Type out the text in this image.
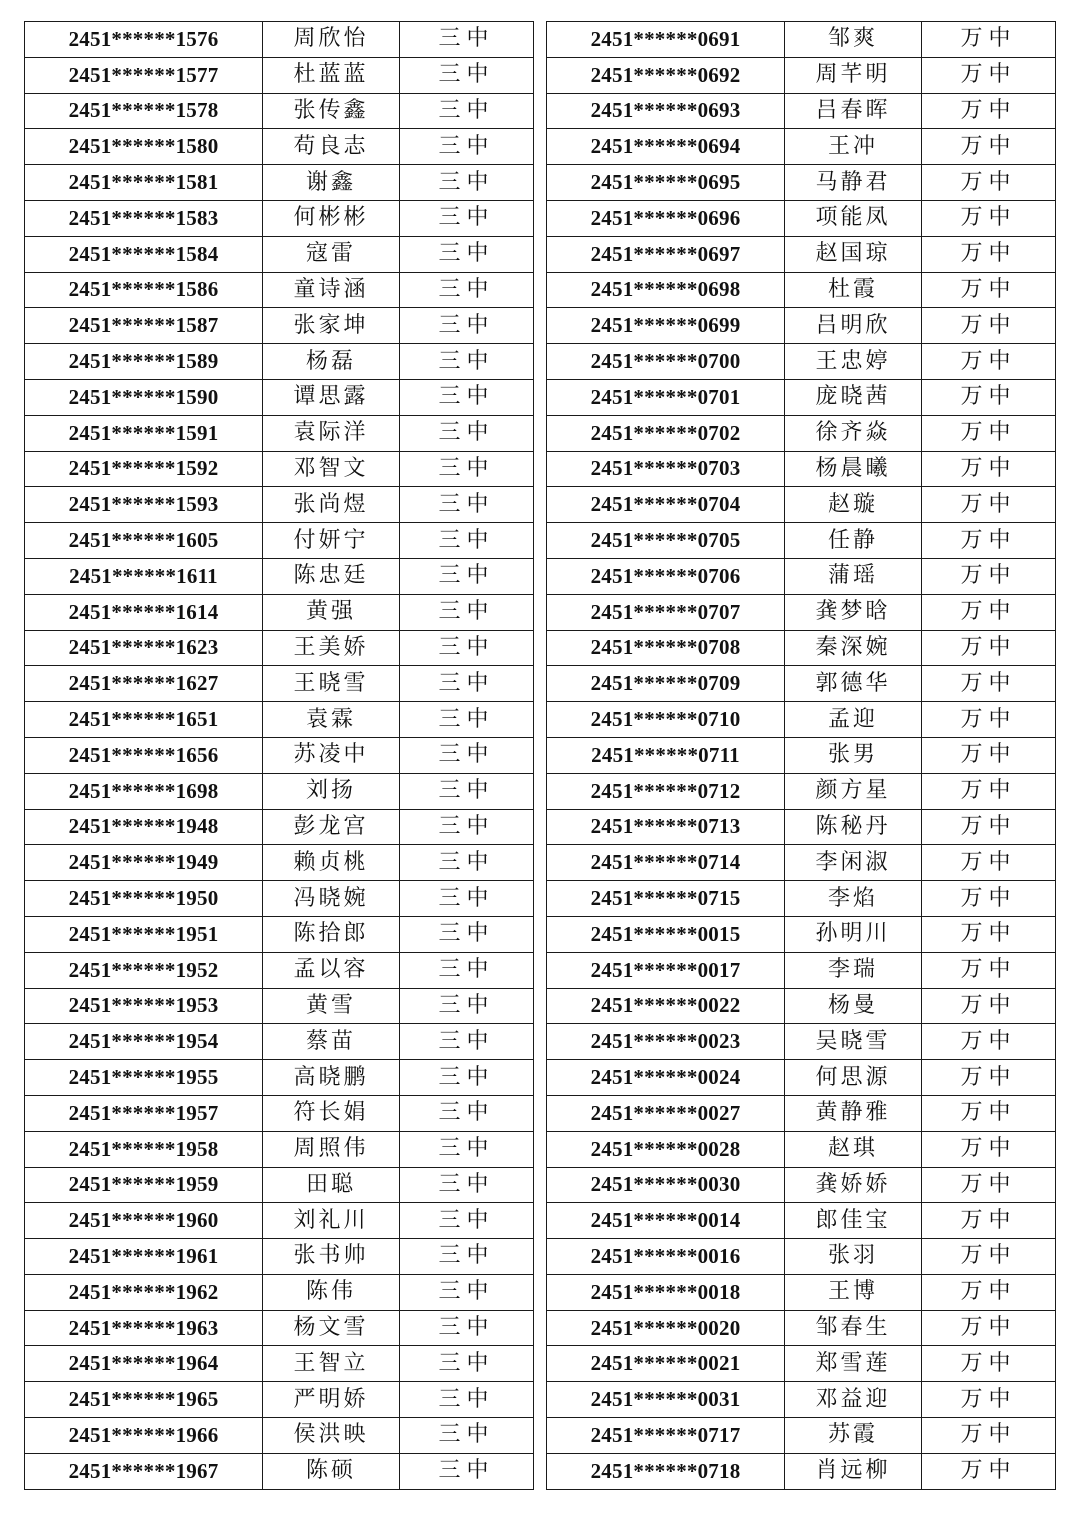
2451******1576	周欣怡	三中
2451******1577	杜蓝蓝	三中
2451******1578	张传鑫	三中
2451******1580	苟良志	三中
2451******1581	谢鑫	三中
2451******1583	何彬彬	三中
2451******1584	寇雷	三中
2451******1586	童诗涵	三中
2451******1587	张家坤	三中
2451******1589	杨磊	三中
2451******1590	谭思露	三中
2451******1591	袁际洋	三中
2451******1592	邓智文	三中
2451******1593	张尚煜	三中
2451******1605	付妍宁	三中
2451******1611	陈忠廷	三中
2451******1614	黄强	三中
2451******1623	王美娇	三中
2451******1627	王晓雪	三中
2451******1651	袁霖	三中
2451******1656	苏凌中	三中
2451******1698	刘扬	三中
2451******1948	彭龙宫	三中
2451******1949	赖贞桃	三中
2451******1950	冯晓婉	三中
2451******1951	陈拾郎	三中
2451******1952	孟以容	三中
2451******1953	黄雪	三中
2451******1954	蔡苗	三中
2451******1955	高晓鹏	三中
2451******1957	符长娟	三中
2451******1958	周照伟	三中
2451******1959	田聪	三中
2451******1960	刘礼川	三中
2451******1961	张书帅	三中
2451******1962	陈伟	三中
2451******1963	杨文雪	三中
2451******1964	王智立	三中
2451******1965	严明娇	三中
2451******1966	侯洪映	三中
2451******1967	陈硕	三中
2451******0691	邹爽	万中
2451******0692	周芊明	万中
2451******0693	吕春晖	万中
2451******0694	王冲	万中
2451******0695	马静君	万中
2451******0696	项能凤	万中
2451******0697	赵国琼	万中
2451******0698	杜霞	万中
2451******0699	吕明欣	万中
2451******0700	王忠婷	万中
2451******0701	庞晓茜	万中
2451******0702	徐齐焱	万中
2451******0703	杨晨曦	万中
2451******0704	赵璇	万中
2451******0705	任静	万中
2451******0706	蒲瑶	万中
2451******0707	龚梦晗	万中
2451******0708	秦深婉	万中
2451******0709	郭德华	万中
2451******0710	孟迎	万中
2451******0711	张男	万中
2451******0712	颜方星	万中
2451******0713	陈秘丹	万中
2451******0714	李闲淑	万中
2451******0715	李焰	万中
2451******0015	孙明川	万中
2451******0017	李瑞	万中
2451******0022	杨曼	万中
2451******0023	吴晓雪	万中
2451******0024	何思源	万中
2451******0027	黄静雅	万中
2451******0028	赵琪	万中
2451******0030	龚娇娇	万中
2451******0014	郎佳宝	万中
2451******0016	张羽	万中
2451******0018	王博	万中
2451******0020	邹春生	万中
2451******0021	郑雪莲	万中
2451******0031	邓益迎	万中
2451******0717	苏霞	万中
2451******0718	肖远柳	万中
